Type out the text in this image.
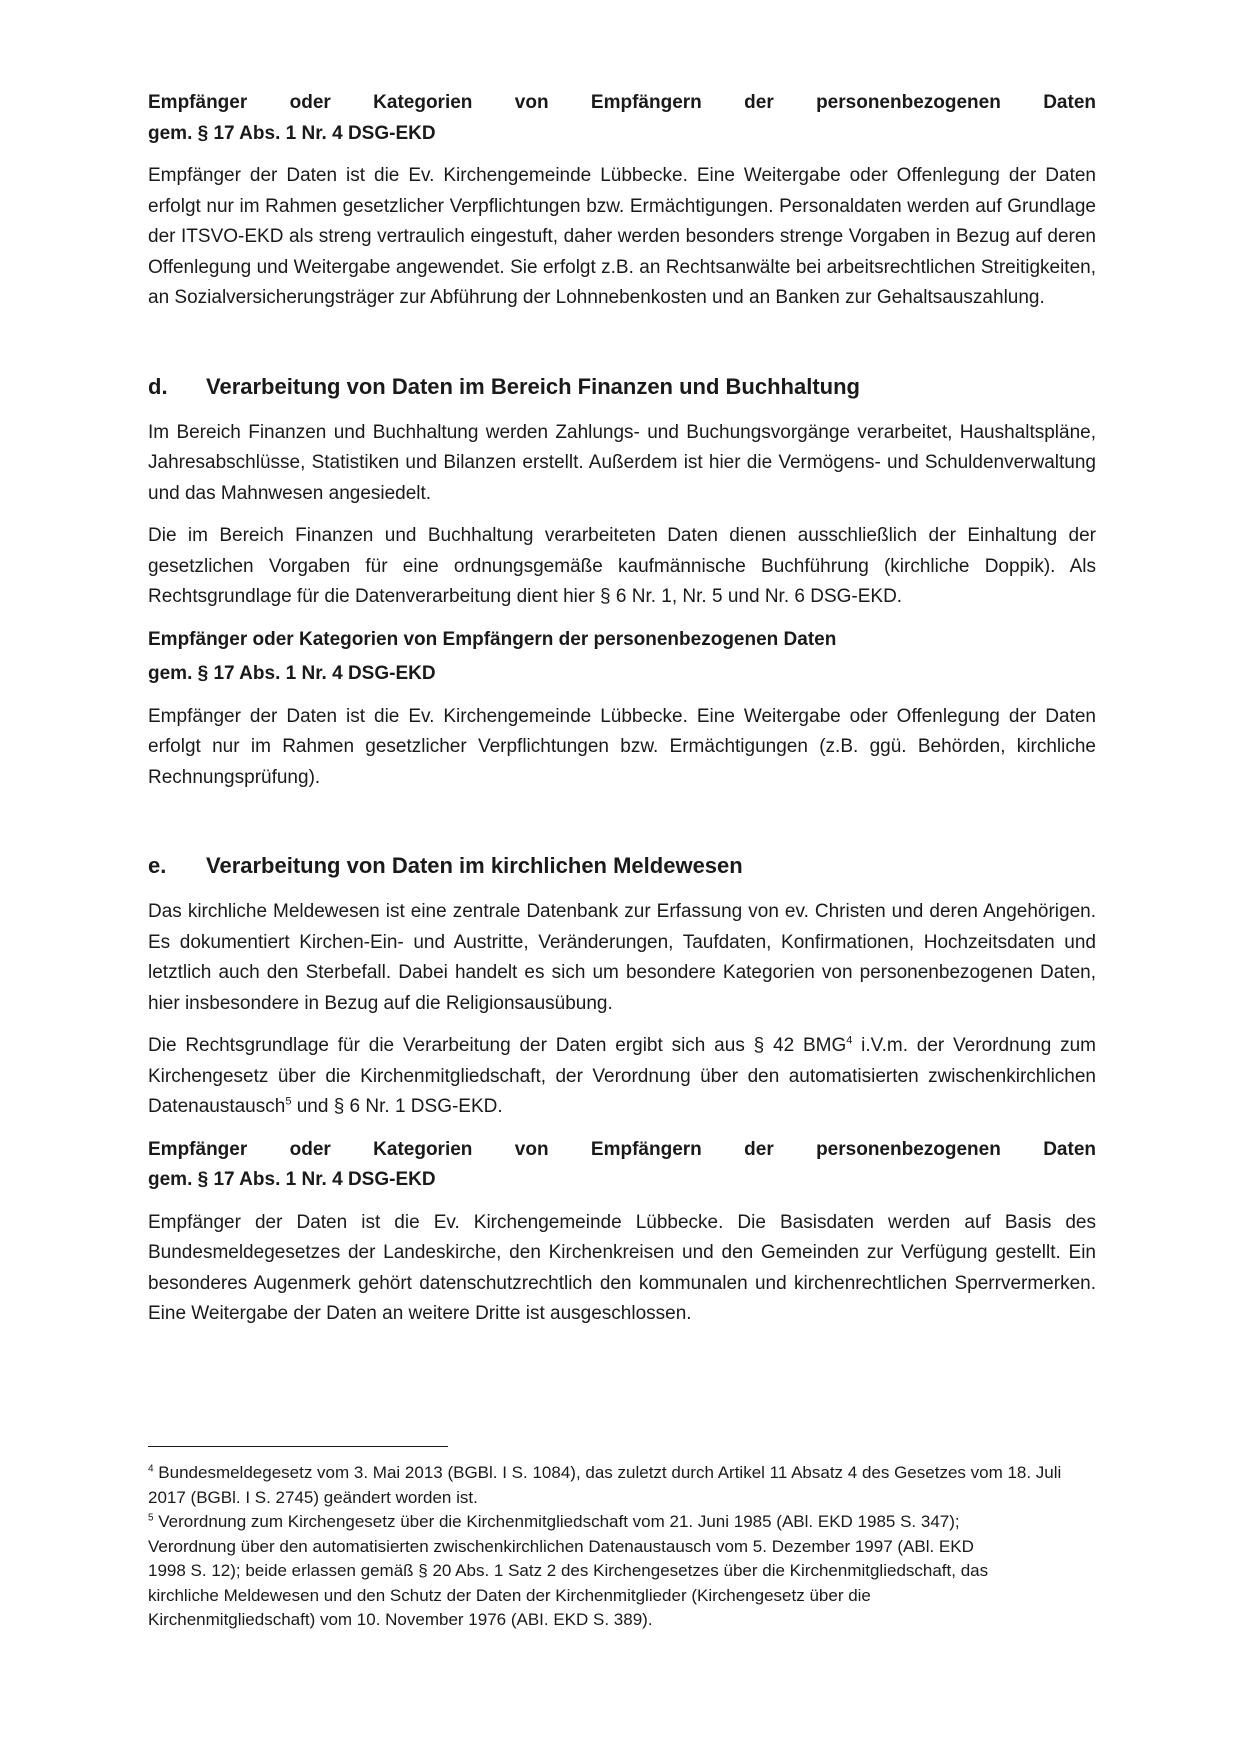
Empfänger oder Kategorien von Empfängern der personenbezogenen Daten

gem. § 17 Abs. 1 Nr. 4 DSG-EKD

Empfänger der Daten ist die Ev. Kirchengemeinde Lübbecke. Eine Weitergabe oder Offenlegung der Daten erfolgt nur im Rahmen gesetzlicher Verpflichtungen bzw. Ermächtigungen. Personaldaten werden auf Grundlage der ITSVO-EKD als streng vertraulich eingestuft, daher werden besonders strenge Vorgaben in Bezug auf deren Offenlegung und Weitergabe angewendet. Sie erfolgt z.B. an Rechtsanwälte bei arbeitsrechtlichen Streitigkeiten, an Sozialversicherungsträger zur Abführung der Lohnnebenkosten und an Banken zur Gehaltsauszahlung.

d.	Verarbeitung von Daten im Bereich Finanzen und Buchhaltung

Im Bereich Finanzen und Buchhaltung werden Zahlungs- und Buchungsvorgänge verarbeitet, Haushaltspläne, Jahresabschlüsse, Statistiken und Bilanzen erstellt. Außerdem ist hier die Vermögens- und Schuldenverwaltung und das Mahnwesen angesiedelt.

Die im Bereich Finanzen und Buchhaltung verarbeiteten Daten dienen ausschließlich der Einhaltung der gesetzlichen Vorgaben für eine ordnungsgemäße kaufmännische Buchführung (kirchliche Doppik). Als Rechtsgrundlage für die Datenverarbeitung dient hier § 6 Nr. 1, Nr. 5 und Nr. 6 DSG-EKD.

Empfänger oder Kategorien von Empfängern der personenbezogenen Daten

gem. § 17 Abs. 1 Nr. 4 DSG-EKD

Empfänger der Daten ist die Ev. Kirchengemeinde Lübbecke. Eine Weitergabe oder Offenlegung der Daten erfolgt nur im Rahmen gesetzlicher Verpflichtungen bzw. Ermächtigungen (z.B. ggü. Behörden, kirchliche Rechnungsprüfung).

e.	Verarbeitung von Daten im kirchlichen Meldewesen

Das kirchliche Meldewesen ist eine zentrale Datenbank zur Erfassung von ev. Christen und deren Angehörigen. Es dokumentiert Kirchen-Ein- und Austritte, Veränderungen, Taufdaten, Konfirmationen, Hochzeitsdaten und letztlich auch den Sterbefall. Dabei handelt es sich um besondere Kategorien von personenbezogenen Daten, hier insbesondere in Bezug auf die Religionsausübung.

Die Rechtsgrundlage für die Verarbeitung der Daten ergibt sich aus § 42 BMG$^4$ i.V.m. der Verordnung zum Kirchengesetz über die Kirchenmitgliedschaft, der Verordnung über den automatisierten zwischenkirchlichen Datenaustausch$^5$ und § 6 Nr. 1 DSG-EKD.

Empfänger oder Kategorien von Empfängern der personenbezogenen Daten

gem. § 17 Abs. 1 Nr. 4 DSG-EKD

Empfänger der Daten ist die Ev. Kirchengemeinde Lübbecke. Die Basisdaten werden auf Basis des Bundesmeldegesetzes der Landeskirche, den Kirchenkreisen und den Gemeinden zur Verfügung gestellt. Ein besonderes Augenmerk gehört datenschutzrechtlich den kommunalen und kirchenrechtlichen Sperrvermerken. Eine Weitergabe der Daten an weitere Dritte ist ausgeschlossen.

$^4$ Bundesmeldegesetz vom 3. Mai 2013 (BGBl. I S. 1084), das zuletzt durch Artikel 11 Absatz 4 des Gesetzes vom 18. Juli 2017 (BGBl. I S. 2745) geändert worden ist.

$^5$ Verordnung zum Kirchengesetz über die Kirchenmitgliedschaft vom 21. Juni 1985 (ABl. EKD 1985 S. 347);
Verordnung über den automatisierten zwischenkirchlichen Datenaustausch vom 5. Dezember 1997 (ABl. EKD
1998 S. 12); beide erlassen gemäß § 20 Abs. 1 Satz 2 des Kirchengesetzes über die Kirchenmitgliedschaft, das
kirchliche Meldewesen und den Schutz der Daten der Kirchenmitglieder (Kirchengesetz über die
Kirchenmitgliedschaft) vom 10. November 1976 (ABI. EKD S. 389).
